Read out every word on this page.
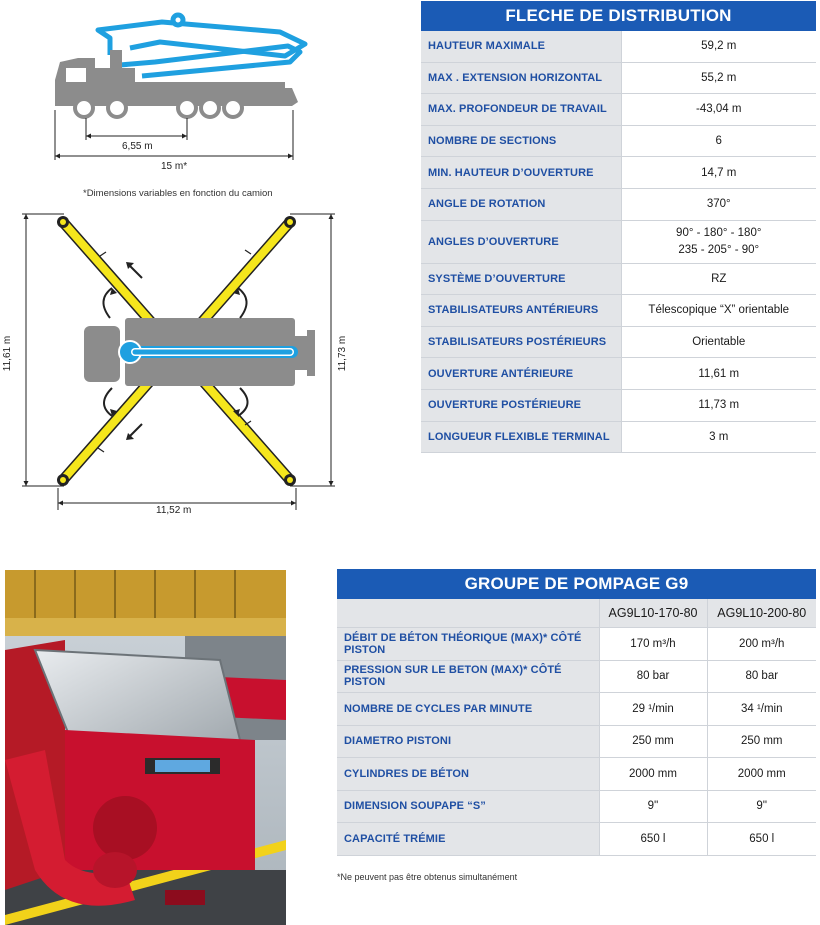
6,55 m
15 m*
*Dimensions variables en fonction du camion
11,61 m	11,73 m
11,52 m
FLECHE DE DISTRIBUTION
HAUTEUR MAXIMALE	59,2 m
MAX . EXTENSION HORIZONTAL	55,2 m
MAX. PROFONDEUR DE TRAVAIL	-43,04 m
NOMBRE DE SECTIONS	6
MIN. HAUTEUR D’OUVERTURE	14,7 m
ANGLE DE ROTATION	370°
ANGLES D’OUVERTURE	90° - 180° - 180°
235 - 205° - 90°

SYSTÈME D’OUVERTURE	RZ
STABILISATEURS ANTÉRIEURS	Télescopique “X” orientable
STABILISATEURS POSTÉRIEURS	Orientable
OUVERTURE ANTÉRIEURE	11,61 m
OUVERTURE POSTÉRIEURE	11,73 m
LONGUEUR FLEXIBLE TERMINAL	3 m
GROUPE DE POMPAGE G9
	AG9L10-170-80	AG9L10-200-80
DÉBIT DE BÉTON THÉORIQUE (MAX)* CÔTÉ PISTON	170 m³/h	200 m³/h
PRESSION SUR LE BETON (MAX)* CÔTÉ PISTON	80 bar	80 bar
NOMBRE DE CYCLES PAR MINUTE	29 ¹/min	34 ¹/min
DIAMETRO PISTONI	250 mm	250 mm
CYLINDRES DE BÉTON	2000 mm	2000 mm
DIMENSION SOUPAPE “S”	9''	9''
CAPACITÉ TRÉMIE	650 l	650 l
*Ne peuvent pas être obtenus simultanément
